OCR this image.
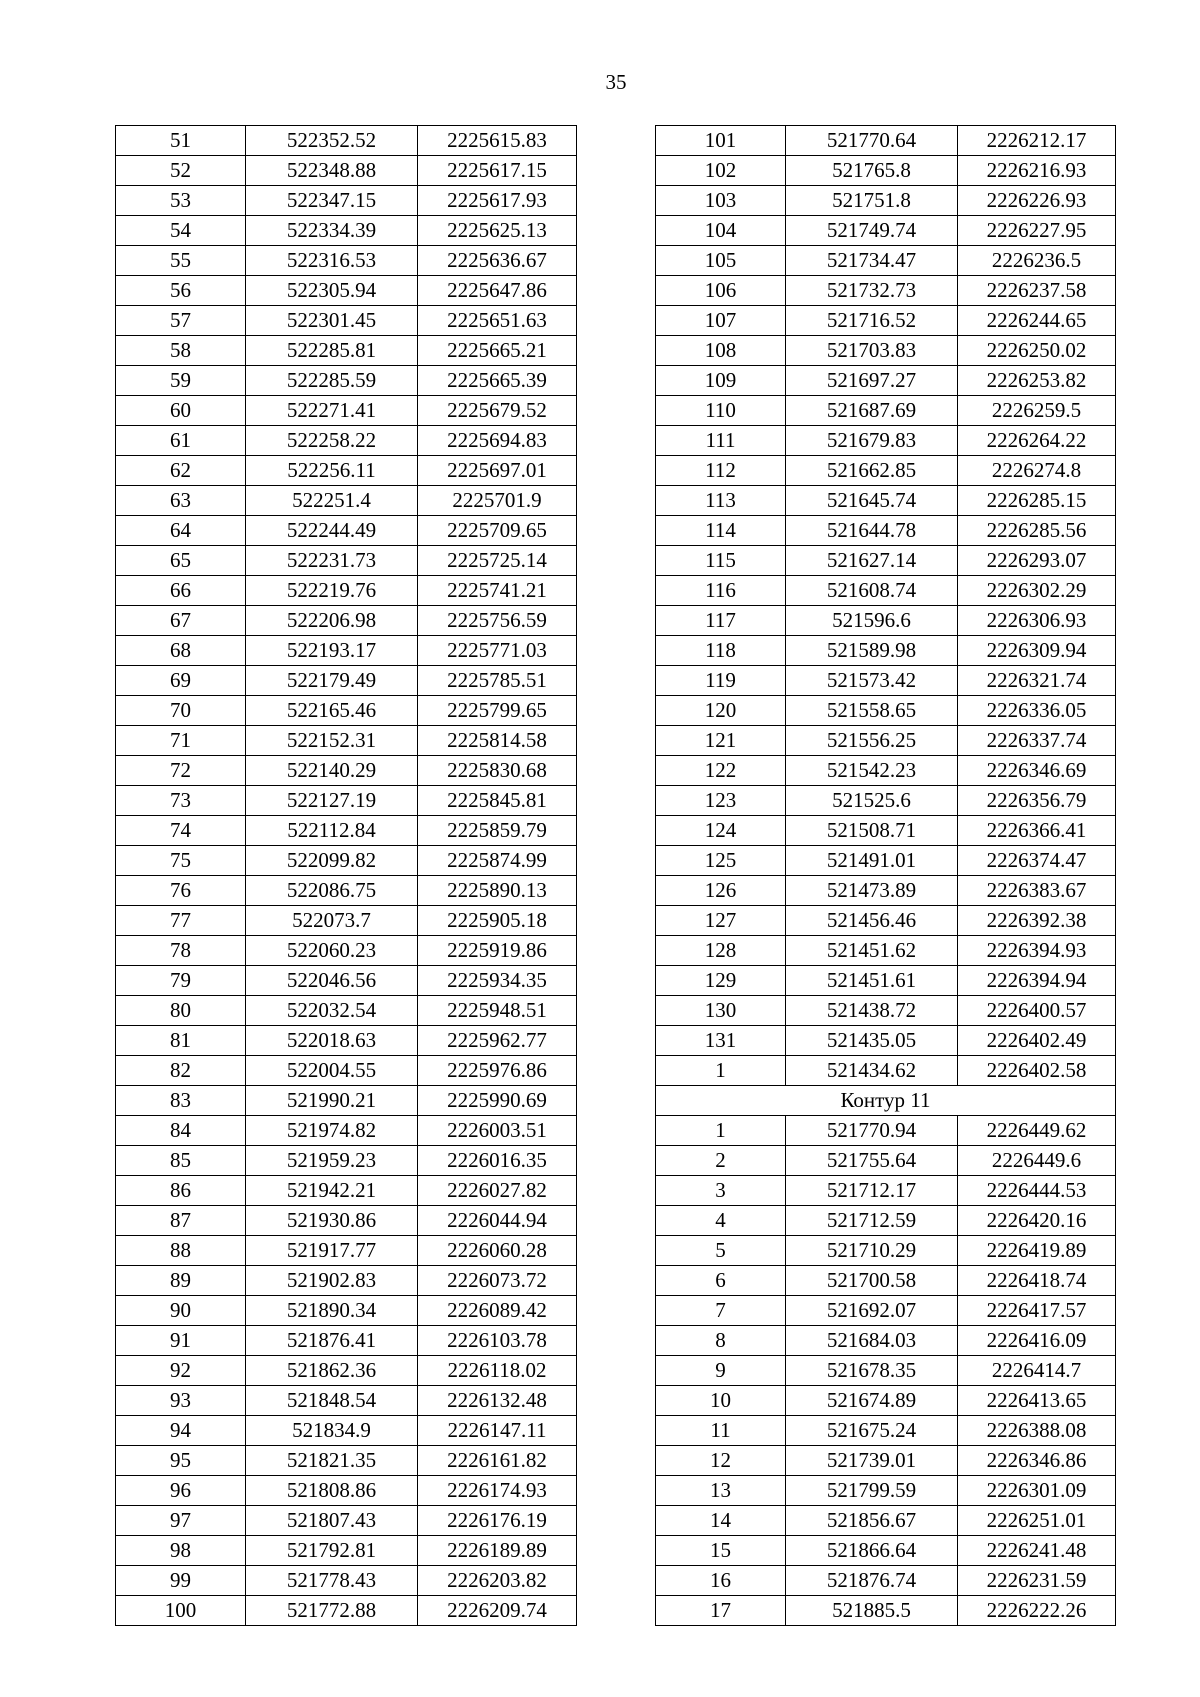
35
51	522352.52	2225615.83
52	522348.88	2225617.15
53	522347.15	2225617.93
54	522334.39	2225625.13
55	522316.53	2225636.67
56	522305.94	2225647.86
57	522301.45	2225651.63
58	522285.81	2225665.21
59	522285.59	2225665.39
60	522271.41	2225679.52
61	522258.22	2225694.83
62	522256.11	2225697.01
63	522251.4	2225701.9
64	522244.49	2225709.65
65	522231.73	2225725.14
66	522219.76	2225741.21
67	522206.98	2225756.59
68	522193.17	2225771.03
69	522179.49	2225785.51
70	522165.46	2225799.65
71	522152.31	2225814.58
72	522140.29	2225830.68
73	522127.19	2225845.81
74	522112.84	2225859.79
75	522099.82	2225874.99
76	522086.75	2225890.13
77	522073.7	2225905.18
78	522060.23	2225919.86
79	522046.56	2225934.35
80	522032.54	2225948.51
81	522018.63	2225962.77
82	522004.55	2225976.86
83	521990.21	2225990.69
84	521974.82	2226003.51
85	521959.23	2226016.35
86	521942.21	2226027.82
87	521930.86	2226044.94
88	521917.77	2226060.28
89	521902.83	2226073.72
90	521890.34	2226089.42
91	521876.41	2226103.78
92	521862.36	2226118.02
93	521848.54	2226132.48
94	521834.9	2226147.11
95	521821.35	2226161.82
96	521808.86	2226174.93
97	521807.43	2226176.19
98	521792.81	2226189.89
99	521778.43	2226203.82
100	521772.88	2226209.74
101	521770.64	2226212.17
102	521765.8	2226216.93
103	521751.8	2226226.93
104	521749.74	2226227.95
105	521734.47	2226236.5
106	521732.73	2226237.58
107	521716.52	2226244.65
108	521703.83	2226250.02
109	521697.27	2226253.82
110	521687.69	2226259.5
111	521679.83	2226264.22
112	521662.85	2226274.8
113	521645.74	2226285.15
114	521644.78	2226285.56
115	521627.14	2226293.07
116	521608.74	2226302.29
117	521596.6	2226306.93
118	521589.98	2226309.94
119	521573.42	2226321.74
120	521558.65	2226336.05
121	521556.25	2226337.74
122	521542.23	2226346.69
123	521525.6	2226356.79
124	521508.71	2226366.41
125	521491.01	2226374.47
126	521473.89	2226383.67
127	521456.46	2226392.38
128	521451.62	2226394.93
129	521451.61	2226394.94
130	521438.72	2226400.57
131	521435.05	2226402.49
1	521434.62	2226402.58
Контур 11		
1	521770.94	2226449.62
2	521755.64	2226449.6
3	521712.17	2226444.53
4	521712.59	2226420.16
5	521710.29	2226419.89
6	521700.58	2226418.74
7	521692.07	2226417.57
8	521684.03	2226416.09
9	521678.35	2226414.7
10	521674.89	2226413.65
11	521675.24	2226388.08
12	521739.01	2226346.86
13	521799.59	2226301.09
14	521856.67	2226251.01
15	521866.64	2226241.48
16	521876.74	2226231.59
17	521885.5	2226222.26
